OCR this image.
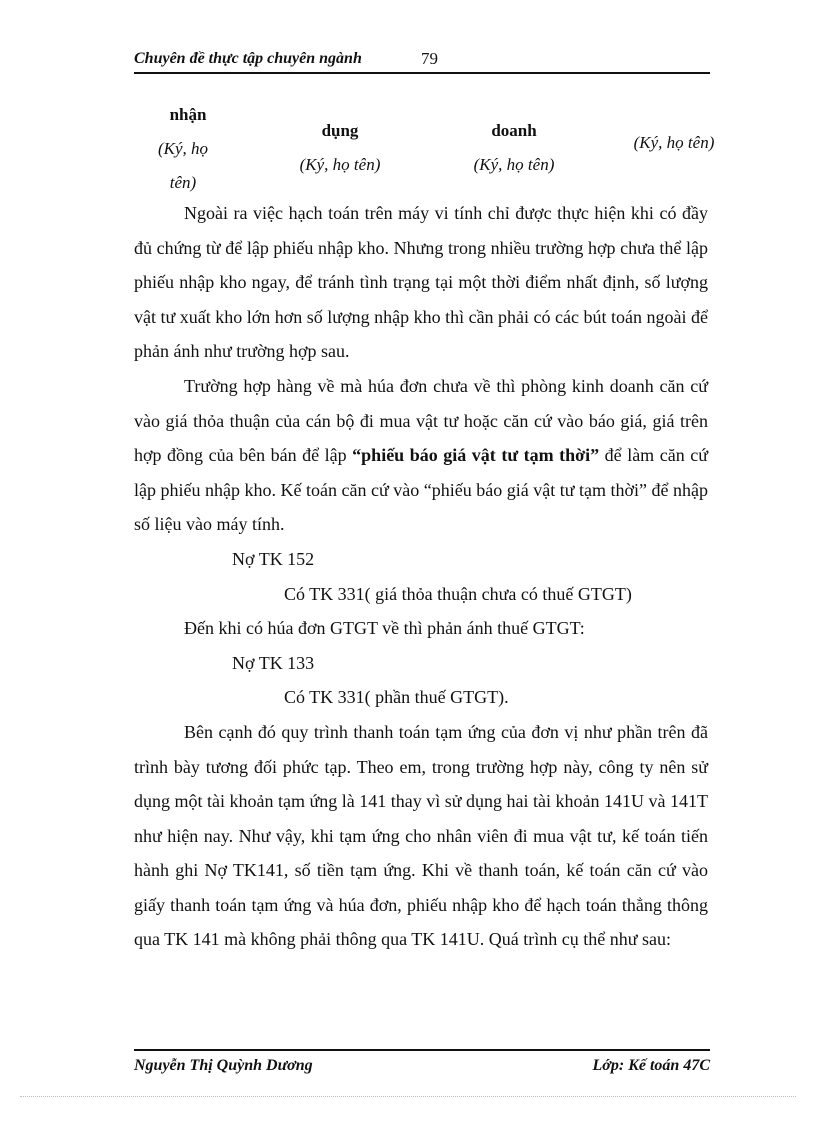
Chuyên đề thực tập chuyên ngành	79
nhận
(Ký, họ
tên)
dụng
(Ký, họ tên)
doanh
(Ký, họ tên)
(Ký, họ tên)

Ngoài ra việc hạch toán trên máy vi tính chỉ được thực hiện khi có đầy đủ chứng từ để lập phiếu nhập kho. Nhưng trong nhiều trường hợp chưa thể lập phiếu nhập kho ngay, để tránh tình trạng tại một thời điểm nhất định, số lượng vật tư xuất kho lớn hơn số lượng nhập kho thì cần phải có các bút toán ngoài để phản ánh như trường hợp sau.

Trường hợp hàng về mà húa đơn chưa về thì phòng kinh doanh căn cứ vào giá thỏa thuận của cán bộ đi mua vật tư hoặc căn cứ vào báo giá, giá trên hợp đồng của bên bán để lập “phiếu báo giá vật tư tạm thời” để làm căn cứ lập phiếu nhập kho. Kế toán căn cứ vào “phiếu báo giá vật tư tạm thời” để nhập số liệu vào máy tính.

Nợ TK 152

Có TK 331( giá thỏa thuận chưa có thuế GTGT)

Đến khi có húa đơn GTGT về thì phản ánh thuế GTGT:

Nợ TK 133

Có TK 331( phần thuế GTGT).

Bên cạnh đó quy trình thanh toán tạm ứng của đơn vị như phần trên đã trình bày tương đối phức tạp. Theo em, trong trường hợp này, công ty nên sử dụng một tài khoản tạm ứng là 141 thay vì sử dụng hai tài khoản 141U và 141T như hiện nay. Như vậy, khi tạm ứng cho nhân viên đi mua vật tư, kế toán tiến hành ghi Nợ TK141, số tiền tạm ứng. Khi về thanh toán, kế toán căn cứ vào giấy thanh toán tạm ứng và húa đơn, phiếu nhập kho để hạch toán thẳng thông qua TK 141 mà không phải thông qua TK 141U. Quá trình cụ thể như sau:

Nguyễn Thị Quỳnh Dương	Lớp: Kế toán 47C
